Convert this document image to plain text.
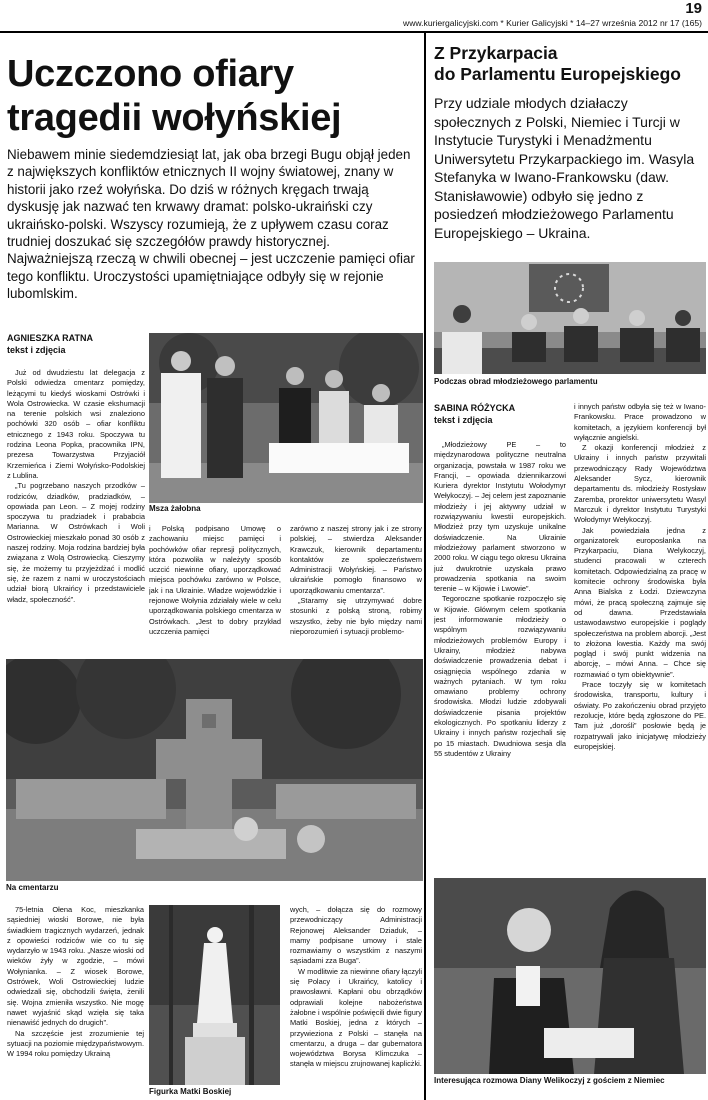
19
www.kuriergalicyjski.com * Kurier Galicyjski * 14–27 września 2012 nr 17 (165)
Uczczono ofiary
tragedii wołyńskiej
Niebawem minie siedemdziesiąt lat, jak oba brzegi Bugu objął jeden z największych konfliktów etnicznych II wojny światowej, znany w historii jako rzeź wołyńska. Do dziś w różnych kręgach trwają dyskusję jak nazwać ten krwawy dramat: polsko-ukraiński czy ukraińsko-polski. Wszyscy rozumieją, że z upływem czasu coraz trudniej doszukać się szczegółów prawdy historycznej. Najważniejszą rzeczą w chwili obecnej – jest uczczenie pamięci ofiar tego konfliktu. Uroczystości upamiętniające odbyły się w rejonie lubomlskim.
AGNIESZKA RATNA
tekst i zdjęcia

Już od dwudziestu lat delegacja z Polski odwiedza cmentarz pomiędzy, leżącymi tu kiedyś wioskami Ostrówki i Wola Ostrowiecka. W czasie ekshumacji na terenie polskich wsi znaleziono pochówki 320 osób – ofiar konfliktu etnicznego z 1943 roku. Spoczywa tu rodzina Leona Popka, pracownika IPN, prezesa Towarzystwa Przyjaciół Krzemieńca i Ziemi Wołyńsko-Podolskiej z Lublina.

„Tu pogrzebano naszych przodków – rodziców, dziadków, pradziadków, – opowiada pan Leon. – Z mojej rodziny spoczywa tu pradziadek i prababcia Marianna. W Ostrówkach i Woli Ostrowieckiej mieszkało ponad 30 osób z naszej rodziny. Moja rodzina bardziej była związana z Wolą Ostrowiecką. Cieszymy się, że możemy tu przyjeżdżać i modlić się, że razem z nami w uroczystościach udział biorą Ukraińcy i przedstawiciele władz, społeczność”.

Msza żałobna

i Polską podpisano Umowę o zachowaniu miejsc pamięci i pochówków ofiar represji politycznych, która pozwoliła w należyty sposób uczcić niewinne ofiary, uporządkować miejsca pochówku zarówno w Polsce, jak i na Ukrainie. Władze wojewódzkie i rejonowe Wołynia zdziałały wiele w celu uporządkowania polskiego cmentarza w Ostrówkach. „Jest to dobry przykład uczczenia pamięci

zarówno z naszej strony jak i ze strony polskiej, – stwierdza Aleksander Krawczuk, kierownik departamentu kontaktów ze społeczeństwem Administracji Wołyńskiej. – Państwo ukraińskie pomogło finansowo w uporządkowaniu cmentarza”.

„Staramy się utrzymywać dobre stosunki z polską stroną, robimy wszystko, żeby nie było między nami nieporozumień i sytuacji problemo-

Na cmentarzu

75-letnia Ołena Koc, mieszkanka sąsiedniej wioski Borowe, nie była świadkiem tragicznych wydarzeń, jednak z opowieści rodziców wie co tu się wydarzyło w 1943 roku. „Nasze wioski od wieków żyły w zgodzie, – mówi Wołynianka. – Z wiosek Borowe, Ostrówek, Woli Ostrowieckiej ludzie odwiedzali się, obchodzili święta, żenili się. Wojna zmieniła wszystko. Nie mogę nawet wyjaśnić skąd wzięła się taka nienawiść jednych do drugich”.

Na szczęście jest zrozumienie tej sytuacji na poziomie międzypaństwowym. W 1994 roku pomiędzy Ukrainą

Figurka Matki Boskiej

wych, – dołącza się do rozmowy przewodniczący Administracji Rejonowej Aleksander Dziaduk, – mamy podpisane umowy i stale rozmawiamy o wszystkim z naszymi sąsiadami zza Buga”.

W modlitwie za niewinne ofiary łączyli się Polacy i Ukraińcy, katolicy i prawosławni. Kapłani obu obrządków odprawiali kolejne nabożeństwa żałobne i wspólnie poświęcili dwie figury Matki Boskiej, jedna z których – przywieziona z Polski – stanęła na cmentarzu, a druga – dar gubernatora województwa Borysa Klimczuka – stanęła w miejscu zrujnowanej kaplicżki.

Z Przykarpacia
do Parlamentu Europejskiego
Przy udziale młodych działaczy społecznych z Polski, Niemiec i Turcji w Instytucie Turystyki i Menadżmentu Uniwersytetu Przykarpackiego im. Wasyla Stefanyka w Iwano-Frankowsku (daw. Stanisławowie) odbyło się jedno z posiedzeń młodzieżowego Parlamentu Europejskiego – Ukraina.
Podczas obrad młodzieżowego parlamentu
SABINA RÓŻYCKA
tekst i zdjęcia

„Młodzieżowy PE – to międzynarodowa polityczne neutralna organizacja, powstała w 1987 roku we Francji, – opowiada dziennikarzowi Kuriera dyrektor Instytutu Wołodymyr Wełykoczyj. – Jej celem jest zapoznanie młodzieży i jej aktywny udział w rozwiązywaniu kwestii europejskich. Młodzież przy tym uzyskuje unikalne doświadczenie. Na Ukrainie młodzieżowy parlament stworzono w 2000 roku. W ciągu tego okresu Ukraina już dwukrotnie uzyskała prawo prowadzenia spotkania na swoim terenie – w Kijowie i Lwowie”.

Tegoroczne spotkanie rozpoczęło się w Kijowie. Głównym celem spotkania jest informowanie młodzieży o wspólnym rozwiązywaniu młodzieżowych problemów Europy i Ukrainy, młodzież nabywa doświadczenie prowadzenia debat i osiągnięcia wspólnego zdania w ważnych pytaniach. W tym roku omawiano problemy ochrony środowiska. Młodzi ludzie zdobywali doświadczenie pisania projektów ekologicznych. Po spotkaniu liderzy z Ukrainy i innych państw rozjechali się po 15 miastach. Dwudniowa sesja dla 55 studentów z Ukrainy

i innych państw odbyła się też w Iwano-Frankowsku. Prace prowadzono w komitetach, a językiem konferencji był wyłącznie angielski.

Z okazji konferencji młodzież z Ukrainy i innych państw przywitali przewodniczący Rady Województwa Aleksander Sycz, kierownik departamentu ds. młodzieży Rostysław Zaremba, prorektor uniwersytetu Wasyl Marczuk i dyrektor Instytutu Turystyki Wołodymyr Wełykoczyj.

Jak powiedziała jedna z organizatorek europosłanka na Przykarpaciu, Diana Welykoczyj, studenci pracowali w czterech komitetach. Odpowiedzialną za pracę w komitecie ochrony środowiska była Anna Bialska z Łodzi. Dziewczyna mówi, że pracą społeczną zajmuje się od dawna. Przedstawiała ustawodawstwo europejskie i poglądy społeczeństwa na problem aborcji. „Jest to złożona kwestia. Każdy ma swój pogląd i swój punkt widzenia na aborcję, – mówi Anna. – Chce się rozmawiać o tym obiektywnie”.

Prace toczyły się w komitetach środowiska, transportu, kultury i oświaty. Po zakończeniu obrad przyjęto rezolucje, które będą zgłoszone do PE. Tam już „dorośli” posłowie będą je rozpatrywali jako inicjatywę młodzieży europejskiej.

Interesująca rozmowa Diany Welikoczyj z gościem z Niemiec
